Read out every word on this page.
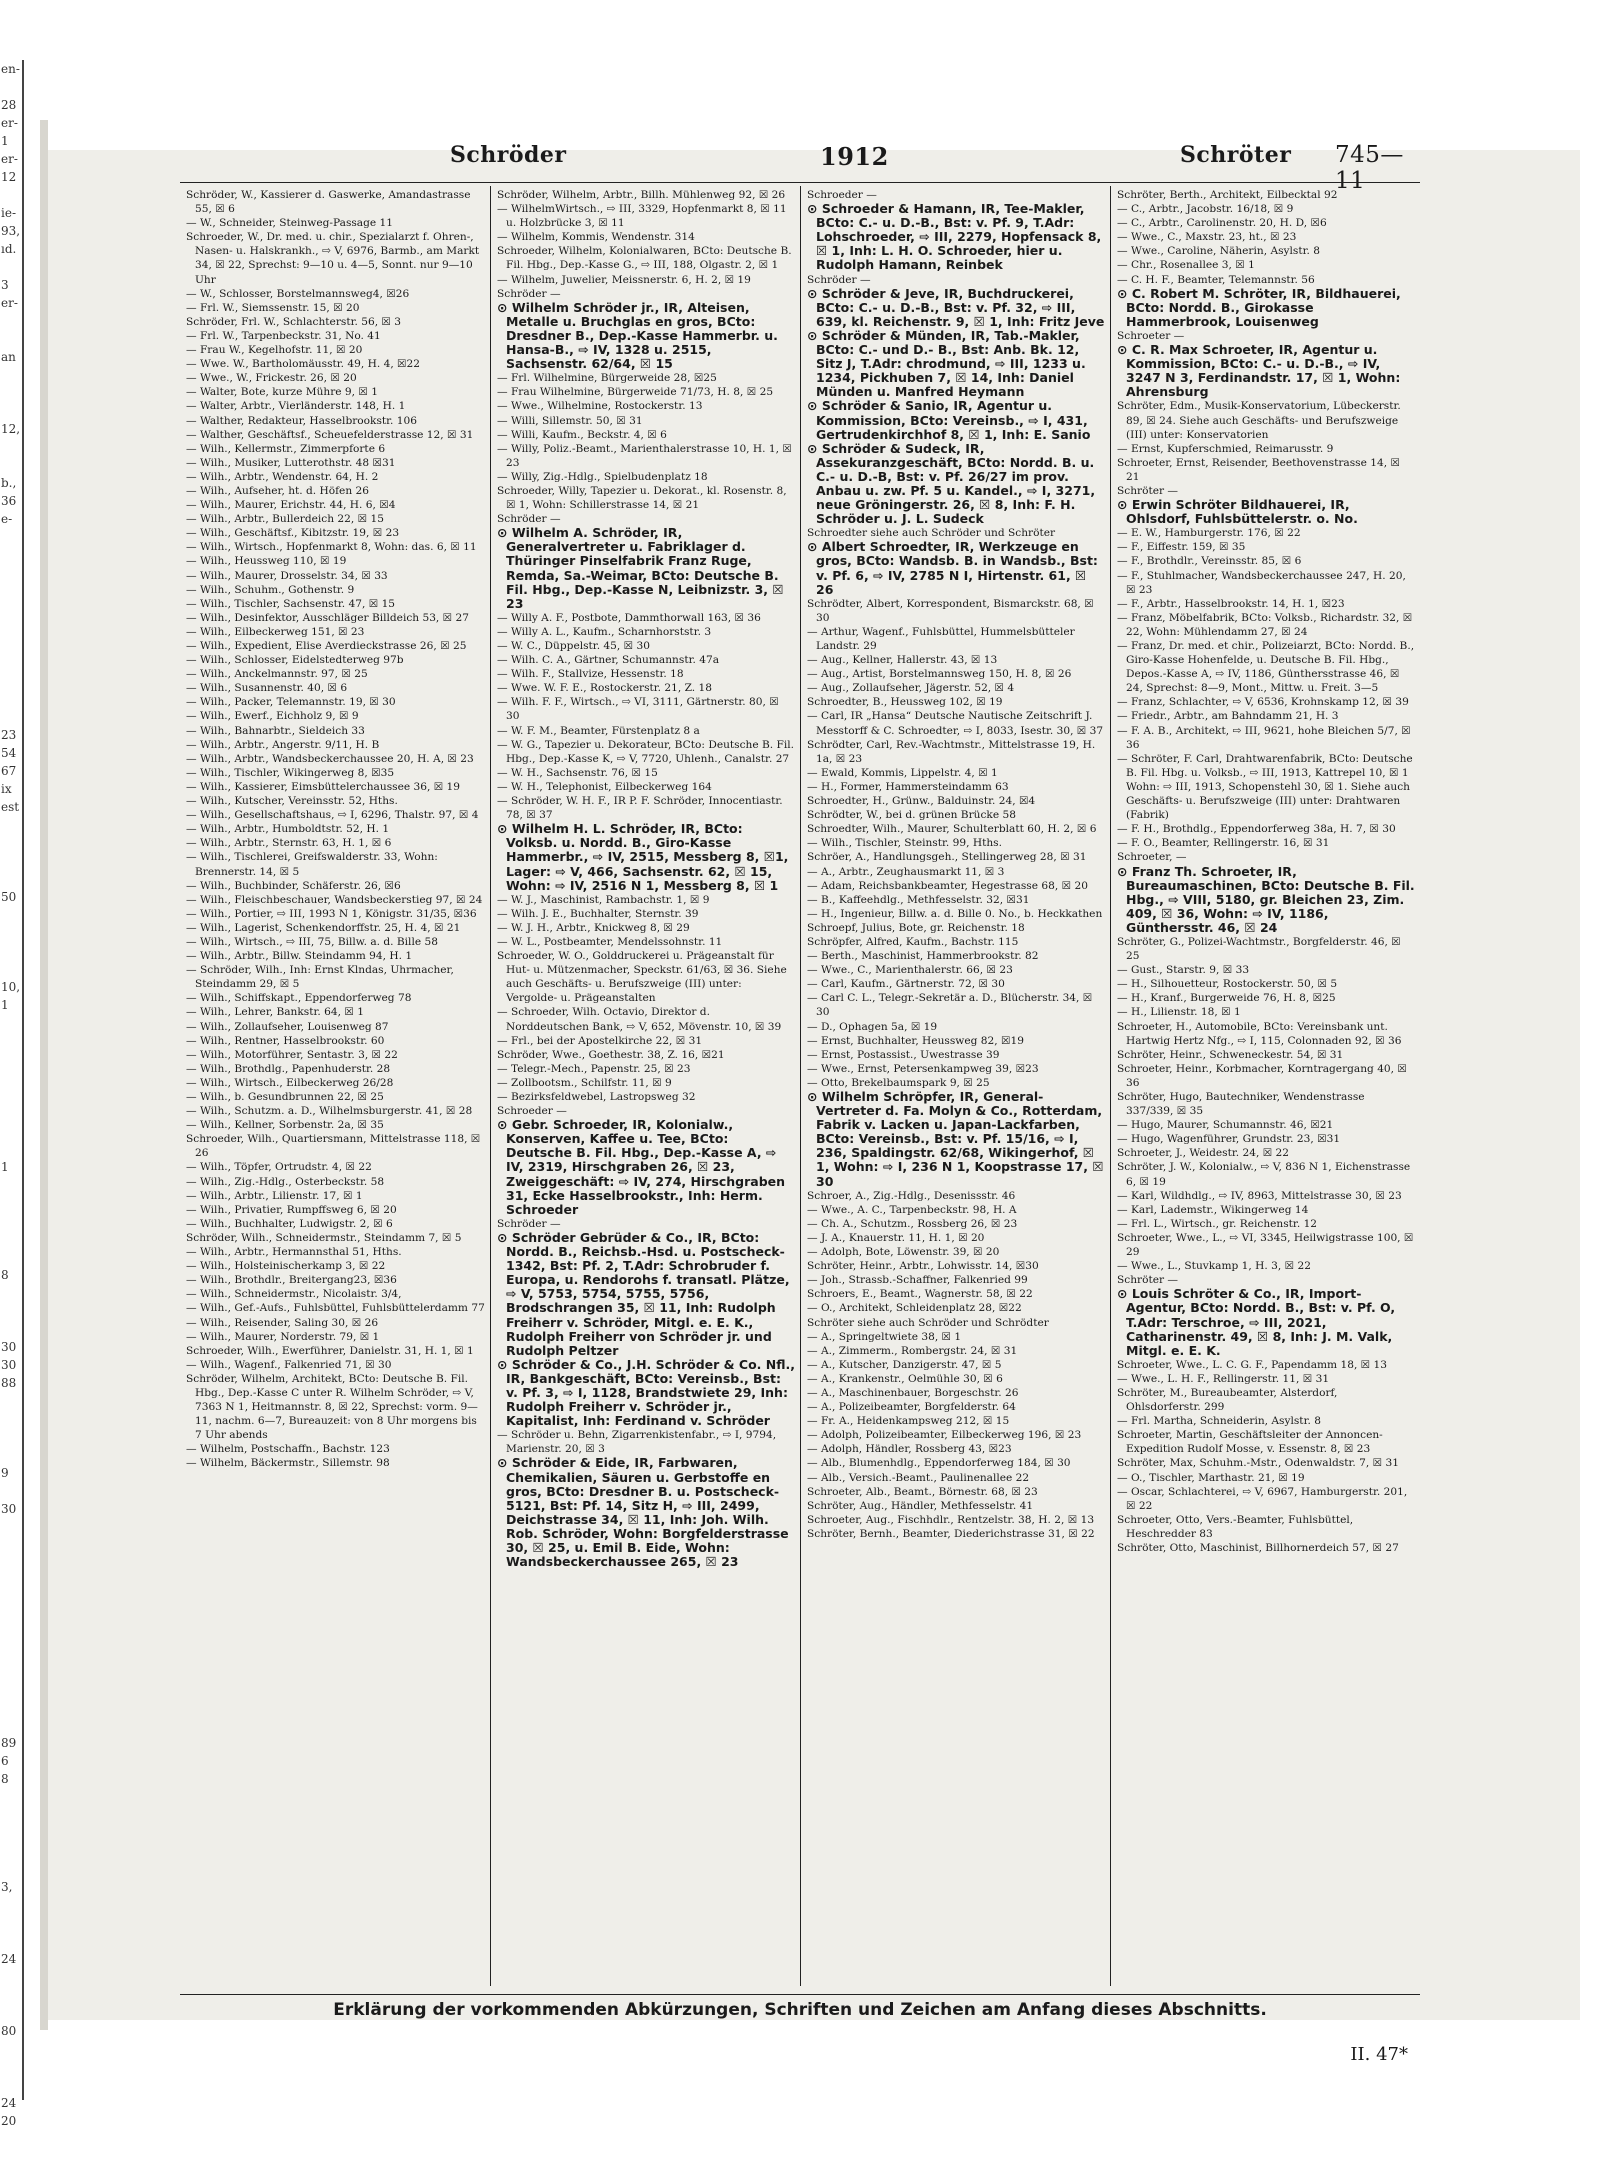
en-

28
er-
1
er-
12

ie-
93,
ıd.

3
er-

an

12,

b.,
36
e-

23
54
67
ix
est

50

10,
1

1

8

30
30
88

9

30

89
6
8

3,

24

80

24
20
Schröder	1912	Schröter 745—11
Schröder, W., Kassierer d. Gaswerke, Amandastrasse 55, ☒ 6
— W., Schneider, Steinweg-Passage 11
Schroeder, W., Dr. med. u. chir., Spezialarzt f. Ohren-, Nasen- u. Halskrankh., ⇨ V, 6976, Barmb., am Markt 34, ☒ 22, Sprechst: 9—10 u. 4—5, Sonnt. nur 9—10 Uhr
— W., Schlosser, Borstelmannsweg4, ☒26
— Frl. W., Siemssenstr. 15, ☒ 20
Schröder, Frl. W., Schlachterstr. 56, ☒ 3
— Frl. W., Tarpenbeckstr. 31, No. 41
— Frau W., Kegelhofstr. 11, ☒ 20
— Wwe. W., Bartholomäusstr. 49, H. 4, ☒22
— Wwe., W., Frickestr. 26, ☒ 20
— Walter, Bote, kurze Mühre 9, ☒ 1
— Walter, Arbtr., Vierländerstr. 148, H. 1
— Walther, Redakteur, Hasselbrookstr. 106
— Walther, Geschäftsf., Scheuefelderstrasse 12, ☒ 31
— Wilh., Kellermstr., Zimmerpforte 6
— Wilh., Musiker, Lutterothstr. 48 ☒31
— Wilh., Arbtr., Wendenstr. 64, H. 2
— Wilh., Aufseher, ht. d. Höfen 26
— Wilh., Maurer, Erichstr. 44, H. 6, ☒4
— Wilh., Arbtr., Bullerdeich 22, ☒ 15
— Wilh., Geschäftsf., Kibitzstr. 19, ☒ 23
— Wilh., Wirtsch., Hopfenmarkt 8, Wohn: das. 6, ☒ 11
— Wilh., Heussweg 110, ☒ 19
— Wilh., Maurer, Drosselstr. 34, ☒ 33
— Wilh., Schuhm., Gothenstr. 9
— Wilh., Tischler, Sachsenstr. 47, ☒ 15
— Wilh., Desinfektor, Ausschläger Billdeich 53, ☒ 27
— Wilh., Eilbeckerweg 151, ☒ 23
— Wilh., Expedient, Elise Averdieckstrasse 26, ☒ 25
— Wilh., Schlosser, Eidelstedterweg 97b
— Wilh., Anckelmannstr. 97, ☒ 25
— Wilh., Susannenstr. 40, ☒ 6
— Wilh., Packer, Telemannstr. 19, ☒ 30
— Wilh., Ewerf., Eichholz 9, ☒ 9
— Wilh., Bahnarbtr., Sieldeich 33
— Wilh., Arbtr., Angerstr. 9/11, H. B
— Wilh., Arbtr., Wandsbeckerchaussee 20, H. A, ☒ 23
— Wilh., Tischler, Wikingerweg 8, ☒35
— Wilh., Kassierer, Eimsbüttelerchaussee 36, ☒ 19
— Wilh., Kutscher, Vereinsstr. 52, Hths.
— Wilh., Gesellschaftshaus, ⇨ I, 6296, Thalstr. 97, ☒ 4
— Wilh., Arbtr., Humboldtstr. 52, H. 1
— Wilh., Arbtr., Sternstr. 63, H. 1, ☒ 6
— Wilh., Tischlerei, Greifswalderstr. 33, Wohn: Brennerstr. 14, ☒ 5
— Wilh., Buchbinder, Schäferstr. 26, ☒6
— Wilh., Fleischbeschauer, Wandsbeckerstieg 97, ☒ 24
— Wilh., Portier, ⇨ III, 1993 N 1, Königstr. 31/35, ☒36
— Wilh., Lagerist, Schenkendorffstr. 25, H. 4, ☒ 21
— Wilh., Wirtsch., ⇨ III, 75, Billw. a. d. Bille 58
— Wilh., Arbtr., Billw. Steindamm 94, H. 1
— Schröder, Wilh., Inh: Ernst Klndas, Uhrmacher, Steindamm 29, ☒ 5
— Wilh., Schiffskapt., Eppendorferweg 78
— Wilh., Lehrer, Bankstr. 64, ☒ 1
— Wilh., Zollaufseher, Louisenweg 87
— Wilh., Rentner, Hasselbrookstr. 60
— Wilh., Motorführer, Sentastr. 3, ☒ 22
— Wilh., Brothdlg., Papenhuderstr. 28
— Wilh., Wirtsch., Eilbeckerweg 26/28
— Wilh., b. Gesundbrunnen 22, ☒ 25
— Wilh., Schutzm. a. D., Wilhelmsburgerstr. 41, ☒ 28
— Wilh., Kellner, Sorbenstr. 2a, ☒ 35
Schroeder, Wilh., Quartiersmann, Mittelstrasse 118, ☒ 26
— Wilh., Töpfer, Ortrudstr. 4, ☒ 22
— Wilh., Zig.-Hdlg., Osterbeckstr. 58
— Wilh., Arbtr., Lilienstr. 17, ☒ 1
— Wilh., Privatier, Rumpffsweg 6, ☒ 20
— Wilh., Buchhalter, Ludwigstr. 2, ☒ 6
Schröder, Wilh., Schneidermstr., Steindamm 7, ☒ 5
— Wilh., Arbtr., Hermannsthal 51, Hths.
— Wilh., Holsteinischerkamp 3, ☒ 22
— Wilh., Brothdlr., Breitergang23, ☒36
— Wilh., Schneidermstr., Nicolaistr. 3/4,
— Wilh., Gef.-Aufs., Fuhlsbüttel, Fuhlsbüttelerdamm 77
— Wilh., Reisender, Saling 30, ☒ 26
— Wilh., Maurer, Norderstr. 79, ☒ 1
Schroeder, Wilh., Ewerführer, Danielstr. 31, H. 1, ☒ 1
— Wilh., Wagenf., Falkenried 71, ☒ 30
Schröder, Wilhelm, Architekt, BCto: Deutsche B. Fil. Hbg., Dep.-Kasse C unter R. Wilhelm Schröder, ⇨ V, 7363 N 1, Heitmannstr. 8, ☒ 22, Sprechst: vorm. 9—11, nachm. 6—7, Bureauzeit: von 8 Uhr morgens bis 7 Uhr abends
— Wilhelm, Postschaffn., Bachstr. 123
— Wilhelm, Bäckermstr., Sillemstr. 98
Schröder, Wilhelm, Arbtr., Billh. Mühlenweg 92, ☒ 26
— WilhelmWirtsch., ⇨ III, 3329, Hopfenmarkt 8, ☒ 11 u. Holzbrücke 3, ☒ 11
— Wilhelm, Kommis, Wendenstr. 314
Schroeder, Wilhelm, Kolonialwaren, BCto: Deutsche B. Fil. Hbg., Dep.-Kasse G., ⇨ III, 188, Olgastr. 2, ☒ 1
— Wilhelm, Juwelier, Meissnerstr. 6, H. 2, ☒ 19
Schröder —
⊙ Wilhelm Schröder jr., IR, Alteisen, Metalle u. Bruchglas en gros, BCto: Dresdner B., Dep.-Kasse Hammerbr. u. Hansa-B., ⇨ IV, 1328 u. 2515, Sachsenstr. 62/64, ☒ 15
— Frl. Wilhelmine, Bürgerweide 28, ☒25
— Frau Wilhelmine, Bürgerweide 71/73, H. 8, ☒ 25
— Wwe., Wilhelmine, Rostockerstr. 13
— Willi, Sillemstr. 50, ☒ 31
— Willi, Kaufm., Beckstr. 4, ☒ 6
— Willy, Poliz.-Beamt., Marienthalerstrasse 10, H. 1, ☒ 23
— Willy, Zig.-Hdlg., Spielbudenplatz 18
Schroeder, Willy, Tapezier u. Dekorat., kl. Rosenstr. 8, ☒ 1, Wohn: Schillerstrasse 14, ☒ 21
Schröder —
⊙ Wilhelm A. Schröder, IR, Generalvertreter u. Fabriklager d. Thüringer Pinselfabrik Franz Ruge, Remda, Sa.-Weimar, BCto: Deutsche B. Fil. Hbg., Dep.-Kasse N, Leibnizstr. 3, ☒ 23
— Willy A. F., Postbote, Dammthorwall 163, ☒ 36
— Willy A. L., Kaufm., Scharnhorststr. 3
— W. C., Düppelstr. 45, ☒ 30
— Wilh. C. A., Gärtner, Schumannstr. 47a
— Wilh. F., Stallvize, Hessenstr. 18
— Wwe. W. F. E., Rostockerstr. 21, Z. 18
— Wilh. F. F., Wirtsch., ⇨ VI, 3111, Gärtnerstr. 80, ☒ 30
— W. F. M., Beamter, Fürstenplatz 8 a
— W. G., Tapezier u. Dekorateur, BCto: Deutsche B. Fil. Hbg., Dep.-Kasse K, ⇨ V, 7720, Uhlenh., Canalstr. 27
— W. H., Sachsenstr. 76, ☒ 15
— W. H., Telephonist, Eilbeckerweg 164
— Schröder, W. H. F., IR P. F. Schröder, Innocentiastr. 78, ☒ 37
⊙ Wilhelm H. L. Schröder, IR, BCto: Volksb. u. Nordd. B., Giro-Kasse Hammerbr., ⇨ IV, 2515, Messberg 8, ☒1, Lager: ⇨ V, 466, Sachsenstr. 62, ☒ 15, Wohn: ⇨ IV, 2516 N 1, Messberg 8, ☒ 1
— W. J., Maschinist, Rambachstr. 1, ☒ 9
— Wilh. J. E., Buchhalter, Sternstr. 39
— W. J. H., Arbtr., Knickweg 8, ☒ 29
— W. L., Postbeamter, Mendelssohnstr. 11
Schroeder, W. O., Golddruckerei u. Prägeanstalt für Hut- u. Mützenmacher, Speckstr. 61/63, ☒ 36. Siehe auch Geschäfts- u. Berufszweige (III) unter: Vergolde- u. Prägeanstalten
— Schroeder, Wilh. Octavio, Direktor d. Norddeutschen Bank, ⇨ V, 652, Mövenstr. 10, ☒ 39
— Frl., bei der Apostelkirche 22, ☒ 31
Schröder, Wwe., Goethestr. 38, Z. 16, ☒21
— Telegr.-Mech., Papenstr. 25, ☒ 23
— Zollbootsm., Schilfstr. 11, ☒ 9
— Bezirksfeldwebel, Lastropsweg 32
Schroeder —
⊙ Gebr. Schroeder, IR, Kolonialw., Konserven, Kaffee u. Tee, BCto: Deutsche B. Fil. Hbg., Dep.-Kasse A, ⇨ IV, 2319, Hirschgraben 26, ☒ 23, Zweiggeschäft: ⇨ IV, 274, Hirschgraben 31, Ecke Hasselbrookstr., Inh: Herm. Schroeder
Schröder —
⊙ Schröder Gebrüder & Co., IR, BCto: Nordd. B., Reichsb.-Hsd. u. Postscheck-1342, Bst: Pf. 2, T.Adr: Schrobruder f. Europa, u. Rendorohs f. transatl. Plätze, ⇨ V, 5753, 5754, 5755, 5756, Brodschrangen 35, ☒ 11, Inh: Rudolph Freiherr v. Schröder, Mitgl. e. E. K., Rudolph Freiherr von Schröder jr. und Rudolph Peltzer
⊙ Schröder & Co., J.H. Schröder & Co. Nfl., IR, Bankgeschäft, BCto: Vereinsb., Bst: v. Pf. 3, ⇨ I, 1128, Brandstwiete 29, Inh: Rudolph Freiherr v. Schröder jr., Kapitalist, Inh: Ferdinand v. Schröder
— Schröder u. Behn, Zigarrenkistenfabr., ⇨ I, 9794, Marienstr. 20, ☒ 3
⊙ Schröder & Eide, IR, Farbwaren, Chemikalien, Säuren u. Gerbstoffe en gros, BCto: Dresdner B. u. Postscheck- 5121, Bst: Pf. 14, Sitz H, ⇨ III, 2499, Deichstrasse 34, ☒ 11, Inh: Joh. Wilh. Rob. Schröder, Wohn: Borgfelderstrasse 30, ☒ 25, u. Emil B. Eide, Wohn: Wandsbeckerchaussee 265, ☒ 23
Schroeder —
⊙ Schroeder & Hamann, IR, Tee-Makler, BCto: C.- u. D.-B., Bst: v. Pf. 9, T.Adr: Lohschroeder, ⇨ III, 2279, Hopfensack 8, ☒ 1, Inh: L. H. O. Schroeder, hier u. Rudolph Hamann, Reinbek
Schröder —
⊙ Schröder & Jeve, IR, Buchdruckerei, BCto: C.- u. D.-B., Bst: v. Pf. 32, ⇨ III, 639, kl. Reichenstr. 9, ☒ 1, Inh: Fritz Jeve
⊙ Schröder & Münden, IR, Tab.-Makler, BCto: C.- und D.- B., Bst: Anb. Bk. 12, Sitz J, T.Adr: chrodmund, ⇨ III, 1233 u. 1234, Pickhuben 7, ☒ 14, Inh: Daniel Münden u. Manfred Heymann
⊙ Schröder & Sanio, IR, Agentur u. Kommission, BCto: Vereinsb., ⇨ I, 431, Gertrudenkirchhof 8, ☒ 1, Inh: E. Sanio
⊙ Schröder & Sudeck, IR, Assekuranzgeschäft, BCto: Nordd. B. u. C.- u. D.-B, Bst: v. Pf. 26/27 im prov. Anbau u. zw. Pf. 5 u. Kandel., ⇨ I, 3271, neue Gröningerstr. 26, ☒ 8, Inh: F. H. Schröder u. J. L. Sudeck
Schroedter siehe auch Schröder und Schröter
⊙ Albert Schroedter, IR, Werkzeuge en gros, BCto: Wandsb. B. in Wandsb., Bst: v. Pf. 6, ⇨ IV, 2785 N I, Hirtenstr. 61, ☒ 26
Schrödter, Albert, Korrespondent, Bismarckstr. 68, ☒ 30
— Arthur, Wagenf., Fuhlsbüttel, Hummelsbütteler Landstr. 29
— Aug., Kellner, Hallerstr. 43, ☒ 13
— Aug., Artist, Borstelmannsweg 150, H. 8, ☒ 26
— Aug., Zollaufseher, Jägerstr. 52, ☒ 4
Schroedter, B., Heussweg 102, ☒ 19
— Carl, IR „Hansa“ Deutsche Nautische Zeitschrift J. Messtorff & C. Schroedter, ⇨ I, 8033, Isestr. 30, ☒ 37
Schrödter, Carl, Rev.-Wachtmstr., Mittelstrasse 19, H. 1a, ☒ 23
— Ewald, Kommis, Lippelstr. 4, ☒ 1
— H., Former, Hammersteindamm 63
Schroedter, H., Grünw., Balduinstr. 24, ☒4
Schrödter, W., bei d. grünen Brücke 58
Schroedter, Wilh., Maurer, Schulterblatt 60, H. 2, ☒ 6
— Wilh., Tischler, Steinstr. 99, Hths.
Schröer, A., Handlungsgeh., Stellingerweg 28, ☒ 31
— A., Arbtr., Zeughausmarkt 11, ☒ 3
— Adam, Reichsbankbeamter, Hegestrasse 68, ☒ 20
— B., Kaffeehdlg., Methfesselstr. 32, ☒31
— H., Ingenieur, Billw. a. d. Bille 0. No., b. Heckkathen
Schroepf, Julius, Bote, gr. Reichenstr. 18
Schröpfer, Alfred, Kaufm., Bachstr. 115
— Berth., Maschinist, Hammerbrookstr. 82
— Wwe., C., Marienthalerstr. 66, ☒ 23
— Carl, Kaufm., Gärtnerstr. 72, ☒ 30
— Carl C. L., Telegr.-Sekretär a. D., Blücherstr. 34, ☒ 30
— D., Ophagen 5a, ☒ 19
— Ernst, Buchhalter, Heussweg 82, ☒19
— Ernst, Postassist., Uwestrasse 39
— Wwe., Ernst, Petersenkampweg 39, ☒23
— Otto, Brekelbaumspark 9, ☒ 25
⊙ Wilhelm Schröpfer, IR, General-Vertreter d. Fa. Molyn & Co., Rotterdam, Fabrik v. Lacken u. Japan-Lackfarben, BCto: Vereinsb., Bst: v. Pf. 15/16, ⇨ I, 236, Spaldingstr. 62/68, Wikingerhof, ☒ 1, Wohn: ⇨ I, 236 N 1, Koopstrasse 17, ☒ 30
Schroer, A., Zig.-Hdlg., Desenissstr. 46
— Wwe., A. C., Tarpenbeckstr. 98, H. A
— Ch. A., Schutzm., Rossberg 26, ☒ 23
— J. A., Knauerstr. 11, H. 1, ☒ 20
— Adolph, Bote, Löwenstr. 39, ☒ 20
Schröter, Heinr., Arbtr., Lohwisstr. 14, ☒30
— Joh., Strassb.-Schaffner, Falkenried 99
Schroers, E., Beamt., Wagnerstr. 58, ☒ 22
— O., Architekt, Schleidenplatz 28, ☒22
Schröter siehe auch Schröder und Schrödter
— A., Springeltwiete 38, ☒ 1
— A., Zimmerm., Rombergstr. 24, ☒ 31
— A., Kutscher, Danzigerstr. 47, ☒ 5
— A., Krankenstr., Oelmühle 30, ☒ 6
— A., Maschinenbauer, Borgeschstr. 26
— A., Polizeibeamter, Borgfelderstr. 64
— Fr. A., Heidenkampsweg 212, ☒ 15
— Adolph, Polizeibeamter, Eilbeckerweg 196, ☒ 23
— Adolph, Händler, Rossberg 43, ☒23
— Alb., Blumenhdlg., Eppendorferweg 184, ☒ 30
— Alb., Versich.-Beamt., Paulinenallee 22
Schroeter, Alb., Beamt., Börnestr. 68, ☒ 23
Schröter, Aug., Händler, Methfesselstr. 41
Schroeter, Aug., Fischhdlr., Rentzelstr. 38, H. 2, ☒ 13
Schröter, Bernh., Beamter, Diederichstrasse 31, ☒ 22
Schröter, Berth., Architekt, Eilbecktal 92
— C., Arbtr., Jacobstr. 16/18, ☒ 9
— C., Arbtr., Carolinenstr. 20, H. D, ☒6
— Wwe., C., Maxstr. 23, ht., ☒ 23
— Wwe., Caroline, Näherin, Asylstr. 8
— Chr., Rosenallee 3, ☒ 1
— C. H. F., Beamter, Telemannstr. 56
⊙ C. Robert M. Schröter, IR, Bildhauerei, BCto: Nordd. B., Girokasse Hammerbrook, Louisenweg
Schroeter —
⊙ C. R. Max Schroeter, IR, Agentur u. Kommission, BCto: C.- u. D.-B., ⇨ IV, 3247 N 3, Ferdinandstr. 17, ☒ 1, Wohn: Ahrensburg
Schröter, Edm., Musik-Konservatorium, Lübeckerstr. 89, ☒ 24. Siehe auch Geschäfts- und Berufszweige (III) unter: Konservatorien
— Ernst, Kupferschmied, Reimarusstr. 9
Schroeter, Ernst, Reisender, Beethovenstrasse 14, ☒ 21
Schröter —
⊙ Erwin Schröter Bildhauerei, IR, Ohlsdorf, Fuhlsbüttelerstr. o. No.
— E. W., Hamburgerstr. 176, ☒ 22
— F., Eiffestr. 159, ☒ 35
— F., Brothdlr., Vereinsstr. 85, ☒ 6
— F., Stuhlmacher, Wandsbeckerchaussee 247, H. 20, ☒ 23
— F., Arbtr., Hasselbrookstr. 14, H. 1, ☒23
— Franz, Möbelfabrik, BCto: Volksb., Richardstr. 32, ☒ 22, Wohn: Mühlendamm 27, ☒ 24
— Franz, Dr. med. et chir., Polizeiarzt, BCto: Nordd. B., Giro-Kasse Hohenfelde, u. Deutsche B. Fil. Hbg., Depos.-Kasse A, ⇨ IV, 1186, Günthersstrasse 46, ☒ 24, Sprechst: 8—9, Mont., Mittw. u. Freit. 3—5
— Franz, Schlachter, ⇨ V, 6536, Krohnskamp 12, ☒ 39
— Friedr., Arbtr., am Bahndamm 21, H. 3
— F. A. B., Architekt, ⇨ III, 9621, hohe Bleichen 5/7, ☒ 36
— Schröter, F. Carl, Drahtwarenfabrik, BCto: Deutsche B. Fil. Hbg. u. Volksb., ⇨ III, 1913, Kattrepel 10, ☒ 1 Wohn: ⇨ III, 1913, Schopenstehl 30, ☒ 1. Siehe auch Geschäfts- u. Berufszweige (III) unter: Drahtwaren (Fabrik)
— F. H., Brothdlg., Eppendorferweg 38a, H. 7, ☒ 30
— F. O., Beamter, Rellingerstr. 16, ☒ 31
Schroeter, —
⊙ Franz Th. Schroeter, IR, Bureaumaschinen, BCto: Deutsche B. Fil. Hbg., ⇨ VIII, 5180, gr. Bleichen 23, Zim. 409, ☒ 36, Wohn: ⇨ IV, 1186, Günthersstr. 46, ☒ 24
Schröter, G., Polizei-Wachtmstr., Borgfelderstr. 46, ☒ 25
— Gust., Starstr. 9, ☒ 33
— H., Silhouetteur, Rostockerstr. 50, ☒ 5
— H., Kranf., Burgerweide 76, H. 8, ☒25
— H., Lilienstr. 18, ☒ 1
Schroeter, H., Automobile, BCto: Vereinsbank unt. Hartwig Hertz Nfg., ⇨ I, 115, Colonnaden 92, ☒ 36
Schröter, Heinr., Schweneckestr. 54, ☒ 31
Schroeter, Heinr., Korbmacher, Korntragergang 40, ☒ 36
Schröter, Hugo, Bautechniker, Wendenstrasse 337/339, ☒ 35
— Hugo, Maurer, Schumannstr. 46, ☒21
— Hugo, Wagenführer, Grundstr. 23, ☒31
Schroeter, J., Weidestr. 24, ☒ 22
Schröter, J. W., Kolonialw., ⇨ V, 836 N 1, Eichenstrasse 6, ☒ 19
— Karl, Wildhdlg., ⇨ IV, 8963, Mittelstrasse 30, ☒ 23
— Karl, Lademstr., Wikingerweg 14
— Frl. L., Wirtsch., gr. Reichenstr. 12
Schroeter, Wwe., L., ⇨ VI, 3345, Heilwigstrasse 100, ☒ 29
— Wwe., L., Stuvkamp 1, H. 3, ☒ 22
Schröter —
⊙ Louis Schröter & Co., IR, Import-Agentur, BCto: Nordd. B., Bst: v. Pf. O, T.Adr: Terschroe, ⇨ III, 2021, Catharinenstr. 49, ☒ 8, Inh: J. M. Valk, Mitgl. e. E. K.
Schroeter, Wwe., L. C. G. F., Papendamm 18, ☒ 13
— Wwe., L. H. F., Rellingerstr. 11, ☒ 31
Schröter, M., Bureaubeamter, Alsterdorf, Ohlsdorferstr. 299
— Frl. Martha, Schneiderin, Asylstr. 8
Schroeter, Martin, Geschäftsleiter der Annoncen-Expedition Rudolf Mosse, v. Essenstr. 8, ☒ 23
Schröter, Max, Schuhm.-Mstr., Odenwaldstr. 7, ☒ 31
— O., Tischler, Marthastr. 21, ☒ 19
— Oscar, Schlachterei, ⇨ V, 6967, Hamburgerstr. 201, ☒ 22
Schroeter, Otto, Vers.-Beamter, Fuhlsbüttel, Heschredder 83
Schröter, Otto, Maschinist, Billhornerdeich 57, ☒ 27
Erklärung der vorkommenden Abkürzungen, Schriften und Zeichen am Anfang dieses Abschnitts.
II. 47*
